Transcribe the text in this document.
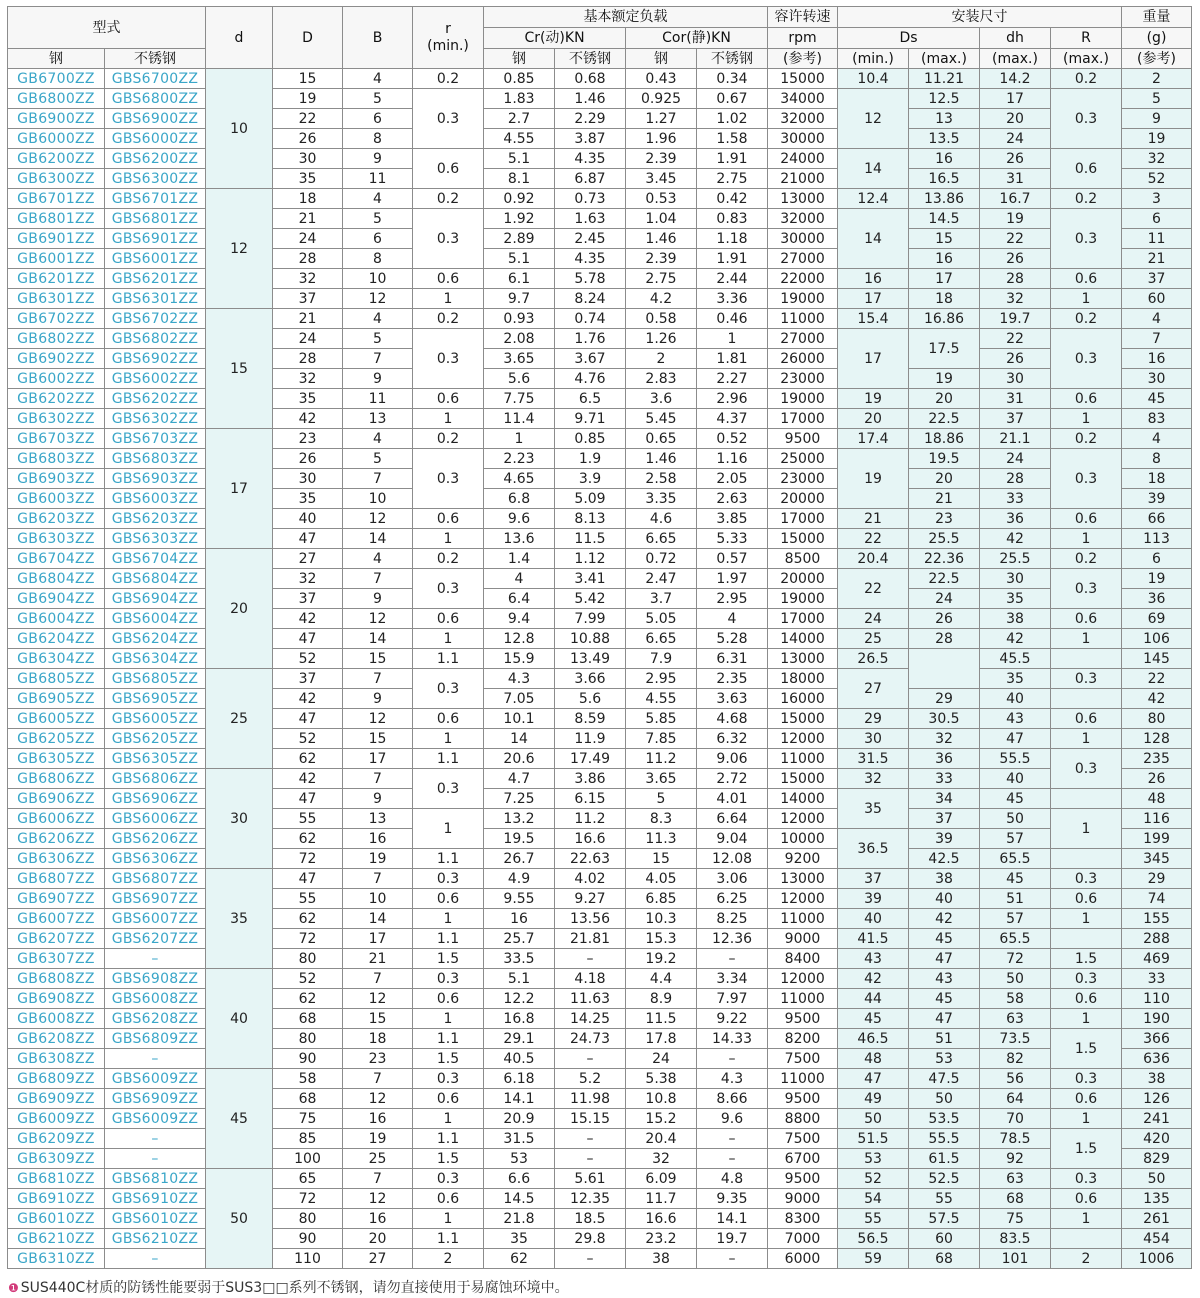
型式		d	D	B	r
(min.)	基本额定负载				容许转速	安装尺寸				重量
						Cr(动)KN		Cor(静)KN		rpm	Ds		dh	R	(g)
钢	不锈钢					钢	不锈钢	钢	不锈钢	(参考)	(min.)	(max.)	(max.)	(max.)	(参考)
GB6700ZZ	GBS6700ZZ	10	15	4	0.2	0.85	0.68	0.43	0.34	15000	10.4	11.21	14.2	0.2	2
GB6800ZZ	GBS6800ZZ		19	5	0.3	1.83	1.46	0.925	0.67	34000	12	12.5	17	0.3	5
GB6900ZZ	GBS6900ZZ		22	6		2.7	2.29	1.27	1.02	32000		13	20		9
GB6000ZZ	GBS6000ZZ		26	8		4.55	3.87	1.96	1.58	30000		13.5	24		19
GB6200ZZ	GBS6200ZZ		30	9	0.6	5.1	4.35	2.39	1.91	24000	14	16	26	0.6	32
GB6300ZZ	GBS6300ZZ		35	11		8.1	6.87	3.45	2.75	21000		16.5	31		52
GB6701ZZ	GBS6701ZZ	12	18	4	0.2	0.92	0.73	0.53	0.42	13000	12.4	13.86	16.7	0.2	3
GB6801ZZ	GBS6801ZZ		21	5	0.3	1.92	1.63	1.04	0.83	32000	14	14.5	19	0.3	6
GB6901ZZ	GBS6901ZZ		24	6		2.89	2.45	1.46	1.18	30000		15	22		11
GB6001ZZ	GBS6001ZZ		28	8		5.1	4.35	2.39	1.91	27000		16	26		21
GB6201ZZ	GBS6201ZZ		32	10	0.6	6.1	5.78	2.75	2.44	22000	16	17	28	0.6	37
GB6301ZZ	GBS6301ZZ		37	12	1	9.7	8.24	4.2	3.36	19000	17	18	32	1	60
GB6702ZZ	GBS6702ZZ	15	21	4	0.2	0.93	0.74	0.58	0.46	11000	15.4	16.86	19.7	0.2	4
GB6802ZZ	GBS6802ZZ		24	5	0.3	2.08	1.76	1.26	1	27000	17	17.5	22	0.3	7
GB6902ZZ	GBS6902ZZ		28	7		3.65	3.67	2	1.81	26000			26		16
GB6002ZZ	GBS6002ZZ		32	9		5.6	4.76	2.83	2.27	23000		19	30		30
GB6202ZZ	GBS6202ZZ		35	11	0.6	7.75	6.5	3.6	2.96	19000	19	20	31	0.6	45
GB6302ZZ	GBS6302ZZ		42	13	1	11.4	9.71	5.45	4.37	17000	20	22.5	37	1	83
GB6703ZZ	GBS6703ZZ	17	23	4	0.2	1	0.85	0.65	0.52	9500	17.4	18.86	21.1	0.2	4
GB6803ZZ	GBS6803ZZ		26	5	0.3	2.23	1.9	1.46	1.16	25000	19	19.5	24	0.3	8
GB6903ZZ	GBS6903ZZ		30	7		4.65	3.9	2.58	2.05	23000		20	28		18
GB6003ZZ	GBS6003ZZ		35	10		6.8	5.09	3.35	2.63	20000		21	33		39
GB6203ZZ	GBS6203ZZ		40	12	0.6	9.6	8.13	4.6	3.85	17000	21	23	36	0.6	66
GB6303ZZ	GBS6303ZZ		47	14	1	13.6	11.5	6.65	5.33	15000	22	25.5	42	1	113
GB6704ZZ	GBS6704ZZ	20	27	4	0.2	1.4	1.12	0.72	0.57	8500	20.4	22.36	25.5	0.2	6
GB6804ZZ	GBS6804ZZ		32	7	0.3	4	3.41	2.47	1.97	20000	22	22.5	30	0.3	19
GB6904ZZ	GBS6904ZZ		37	9		6.4	5.42	3.7	2.95	19000		24	35		36
GB6004ZZ	GBS6004ZZ		42	12	0.6	9.4	7.99	5.05	4	17000	24	26	38	0.6	69
GB6204ZZ	GBS6204ZZ		47	14	1	12.8	10.88	6.65	5.28	14000	25	28	42	1	106
GB6304ZZ	GBS6304ZZ		52	15	1.1	15.9	13.49	7.9	6.31	13000	26.5		45.5		145
GB6805ZZ	GBS6805ZZ	25	37	7	0.3	4.3	3.66	2.95	2.35	18000	27		35	0.3	22
GB6905ZZ	GBS6905ZZ		42	9		7.05	5.6	4.55	3.63	16000		29	40		42
GB6005ZZ	GBS6005ZZ		47	12	0.6	10.1	8.59	5.85	4.68	15000	29	30.5	43	0.6	80
GB6205ZZ	GBS6205ZZ		52	15	1	14	11.9	7.85	6.32	12000	30	32	47	1	128
GB6305ZZ	GBS6305ZZ		62	17	1.1	20.6	17.49	11.2	9.06	11000	31.5	36	55.5	0.3	235
GB6806ZZ	GBS6806ZZ	30	42	7	0.3	4.7	3.86	3.65	2.72	15000	32	33	40		26
GB6906ZZ	GBS6906ZZ		47	9		7.25	6.15	5	4.01	14000	35	34	45		48
GB6006ZZ	GBS6006ZZ		55	13	1	13.2	11.2	8.3	6.64	12000		37	50	1	116
GB6206ZZ	GBS6206ZZ		62	16		19.5	16.6	11.3	9.04	10000	36.5	39	57		199
GB6306ZZ	GBS6306ZZ		72	19	1.1	26.7	22.63	15	12.08	9200		42.5	65.5		345
GB6807ZZ	GBS6807ZZ	35	47	7	0.3	4.9	4.02	4.05	3.06	13000	37	38	45	0.3	29
GB6907ZZ	GBS6907ZZ		55	10	0.6	9.55	9.27	6.85	6.25	12000	39	40	51	0.6	74
GB6007ZZ	GBS6007ZZ		62	14	1	16	13.56	10.3	8.25	11000	40	42	57	1	155
GB6207ZZ	GBS6207ZZ		72	17	1.1	25.7	21.81	15.3	12.36	9000	41.5	45	65.5		288
GB6307ZZ	–		80	21	1.5	33.5	–	19.2	–	8400	43	47	72	1.5	469
GB6808ZZ	GBS6908ZZ	40	52	7	0.3	5.1	4.18	4.4	3.34	12000	42	43	50	0.3	33
GB6908ZZ	GBS6008ZZ		62	12	0.6	12.2	11.63	8.9	7.97	11000	44	45	58	0.6	110
GB6008ZZ	GBS6208ZZ		68	15	1	16.8	14.25	11.5	9.22	9500	45	47	63	1	190
GB6208ZZ	GBS6809ZZ		80	18	1.1	29.1	24.73	17.8	14.33	8200	46.5	51	73.5	1.5	366
GB6308ZZ	–		90	23	1.5	40.5	–	24	–	7500	48	53	82		636
GB6809ZZ	GBS6009ZZ	45	58	7	0.3	6.18	5.2	5.38	4.3	11000	47	47.5	56	0.3	38
GB6909ZZ	GBS6909ZZ		68	12	0.6	14.1	11.98	10.8	8.66	9500	49	50	64	0.6	126
GB6009ZZ	GBS6009ZZ		75	16	1	20.9	15.15	15.2	9.6	8800	50	53.5	70	1	241
GB6209ZZ	–		85	19	1.1	31.5	–	20.4	–	7500	51.5	55.5	78.5	1.5	420
GB6309ZZ	–		100	25	1.5	53	–	32	–	6700	53	61.5	92		829
GB6810ZZ	GBS6810ZZ	50	65	7	0.3	6.6	5.61	6.09	4.8	9500	52	52.5	63	0.3	50
GB6910ZZ	GBS6910ZZ		72	12	0.6	14.5	12.35	11.7	9.35	9000	54	55	68	0.6	135
GB6010ZZ	GBS6010ZZ		80	16	1	21.8	18.5	16.6	14.1	8300	55	57.5	75	1	261
GB6210ZZ	GBS6210ZZ		90	20	1.1	35	29.8	23.2	19.7	7000	56.5	60	83.5		454
GB6310ZZ	–		110	27	2	62	–	38	–	6000	59	68	101	2	1006
❶ SUS440C材质的防锈性能要弱于SUS3□□系列不锈钢，请勿直接使用于易腐蚀环境中。
